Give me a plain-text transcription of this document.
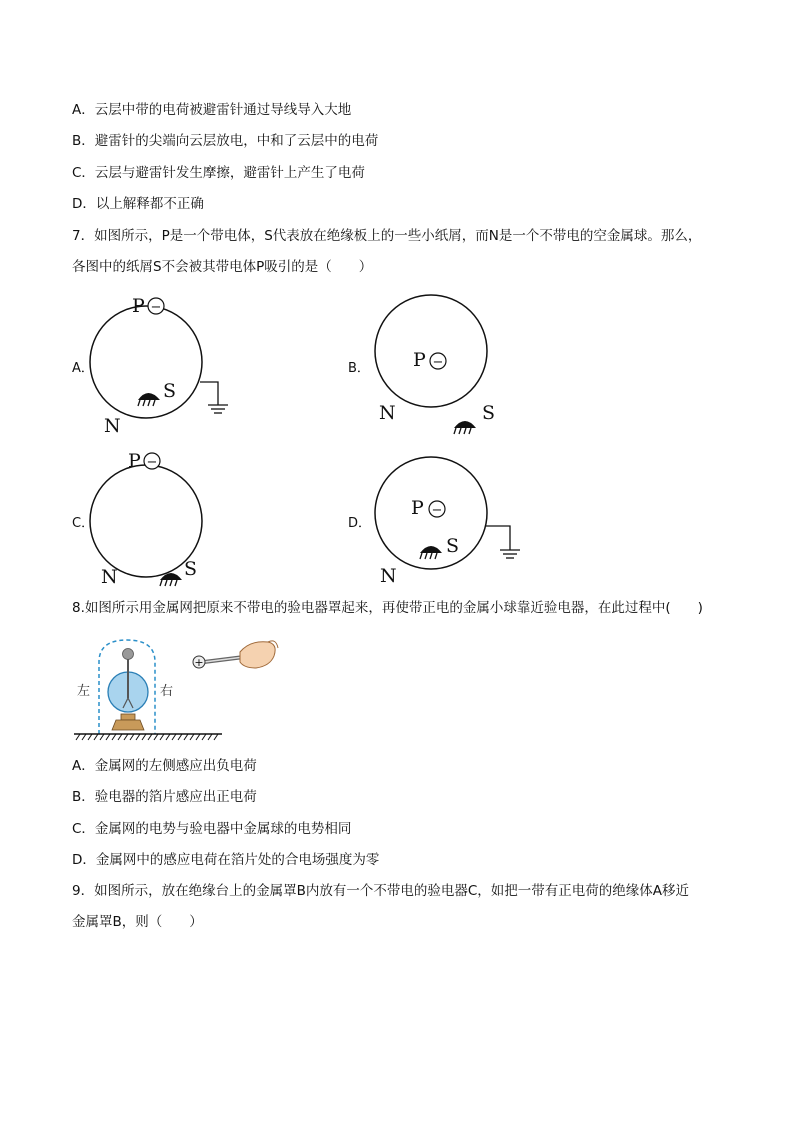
A．云层中带的电荷被避雷针通过导线导入大地
B．避雷针的尖端向云层放电，中和了云层中的电荷
C．云层与避雷针发生摩擦，避雷针上产生了电荷
D．以上解释都不正确
7．如图所示，P是一个带电体，S代表放在绝缘板上的一些小纸屑，而N是一个不带电的空金属球。那么，
各图中的纸屑S不会被其带电体P吸引的是（　　）
A．
P −
S
N
B． P −
N	S
C．
P −
N	S
D．
P −
S
N
8.如图所示用金属网把原来不带电的验电器罩起来，再使带正电的金属小球靠近验电器，在此过程中(　　)
左	右
+
A．金属网的左侧感应出负电荷
B．验电器的箔片感应出正电荷
C．金属网的电势与验电器中金属球的电势相同
D．金属网中的感应电荷在箔片处的合电场强度为零
9．如图所示，放在绝缘台上的金属罩B内放有一个不带电的验电器C，如把一带有正电荷的绝缘体A移近
金属罩B，则（　　）
